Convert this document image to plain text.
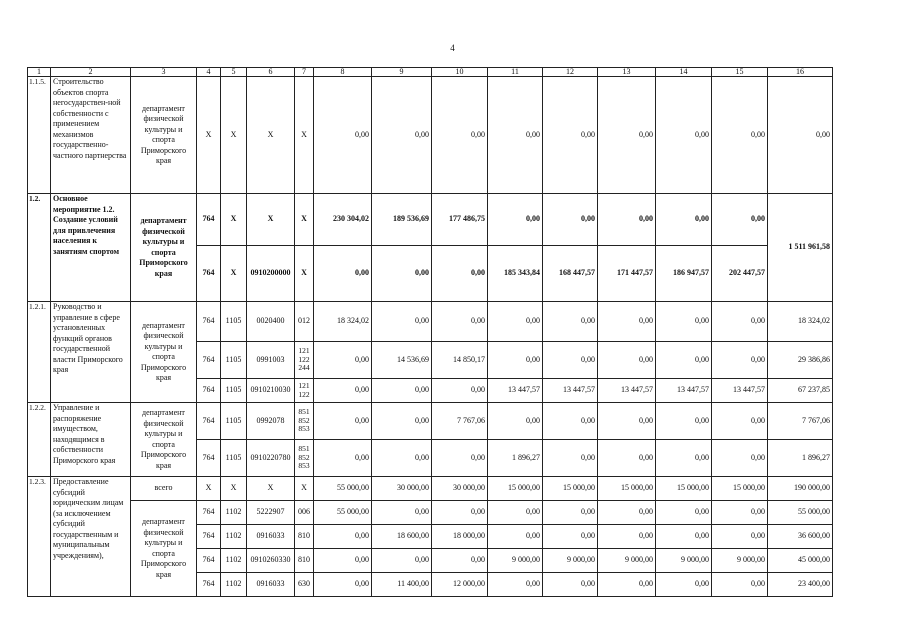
4
1	2	3	4	5	6	7	8	9	10	11	12	13	14	15	16
1.1.5.	Строительство объектов спорта негосударствен-ной собственности с применением механизмов государственно-частного партнерства	департамент физической культуры и спорта Приморского края	X	X	X	X	0,00	0,00	0,00	0,00	0,00	0,00	0,00	0,00	0,00
1.2.	Основное мероприятие 1.2. Создание условий для привлечения населения к занятиям спортом	департамент физической культуры и спорта Приморского края	764	X	X	X	230 304,02	189 536,69	177 486,75	0,00	0,00	0,00	0,00	0,00	1 511 961,58
			764	X	0910200000	X	0,00	0,00	0,00	185 343,84	168 447,57	171 447,57	186 947,57	202 447,57	
1.2.1.	Руководство и управление в сфере установленных функций органов государственной власти Приморского края	департамент физической культуры и спорта Приморского края	764	1105	0020400	012	18 324,02	0,00	0,00	0,00	0,00	0,00	0,00	0,00	18 324,02
			764	1105	0991003	121 122 244	0,00	14 536,69	14 850,17	0,00	0,00	0,00	0,00	0,00	29 386,86
			764	1105	0910210030	121 122	0,00	0,00	0,00	13 447,57	13 447,57	13 447,57	13 447,57	13 447,57	67 237,85
1.2.2.	Управление и распоряжение имуществом, находящимся в собственности Приморского края	департамент физической культуры и спорта Приморского края	764	1105	0992078	851 852 853	0,00	0,00	7 767,06	0,00	0,00	0,00	0,00	0,00	7 767,06
			764	1105	0910220780	851 852 853	0,00	0,00	0,00	1 896,27	0,00	0,00	0,00	0,00	1 896,27
1.2.3.	Предоставление субсидий юридическим лицам (за исключением субсидий государственным и муниципальным учреждениям),	всего	X	X	X	X	55 000,00	30 000,00	30 000,00	15 000,00	15 000,00	15 000,00	15 000,00	15 000,00	190 000,00
		департамент физической культуры и спорта Приморского края	764	1102	5222907	006	55 000,00	0,00	0,00	0,00	0,00	0,00	0,00	0,00	55 000,00
			764	1102	0916033	810	0,00	18 600,00	18 000,00	0,00	0,00	0,00	0,00	0,00	36 600,00
			764	1102	0910260330	810	0,00	0,00	0,00	9 000,00	9 000,00	9 000,00	9 000,00	9 000,00	45 000,00
			764	1102	0916033	630	0,00	11 400,00	12 000,00	0,00	0,00	0,00	0,00	0,00	23 400,00
